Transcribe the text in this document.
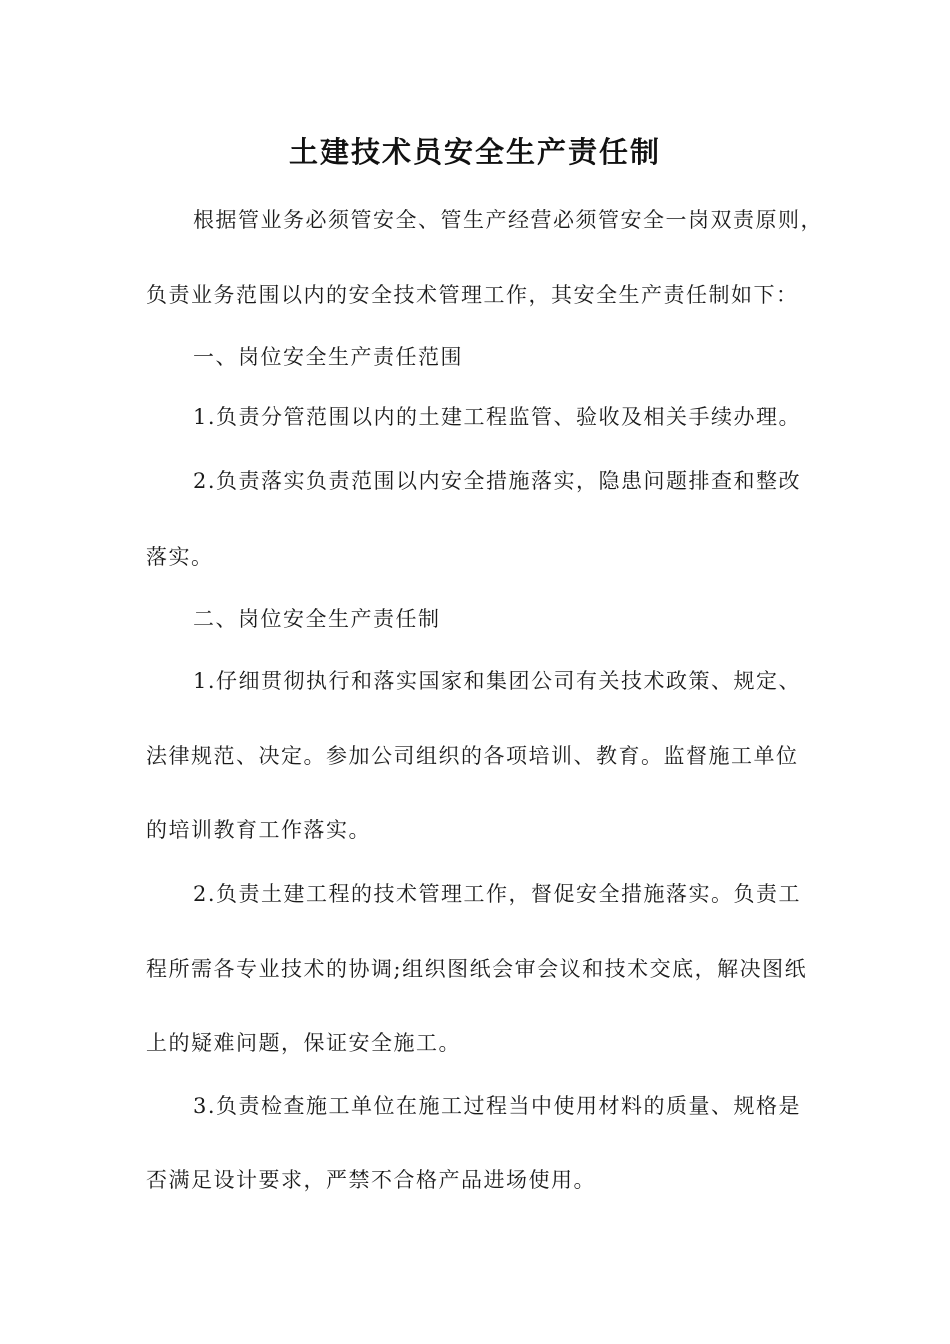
土建技术员安全生产责任制
根据管业务必须管安全、管生产经营必须管安全一岗双责原则，
负责业务范围以内的安全技术管理工作，其安全生产责任制如下：
一、岗位安全生产责任范围
1.负责分管范围以内的土建工程监管、验收及相关手续办理。
2.负责落实负责范围以内安全措施落实，隐患问题排查和整改
落实。
二、岗位安全生产责任制
1.仔细贯彻执行和落实国家和集团公司有关技术政策、规定、
法律规范、决定。参加公司组织的各项培训、教育。监督施工单位
的培训教育工作落实。
2.负责土建工程的技术管理工作，督促安全措施落实。负责工
程所需各专业技术的协调;组织图纸会审会议和技术交底，解决图纸
上的疑难问题，保证安全施工。
3.负责检查施工单位在施工过程当中使用材料的质量、规格是
否满足设计要求，严禁不合格产品进场使用。
